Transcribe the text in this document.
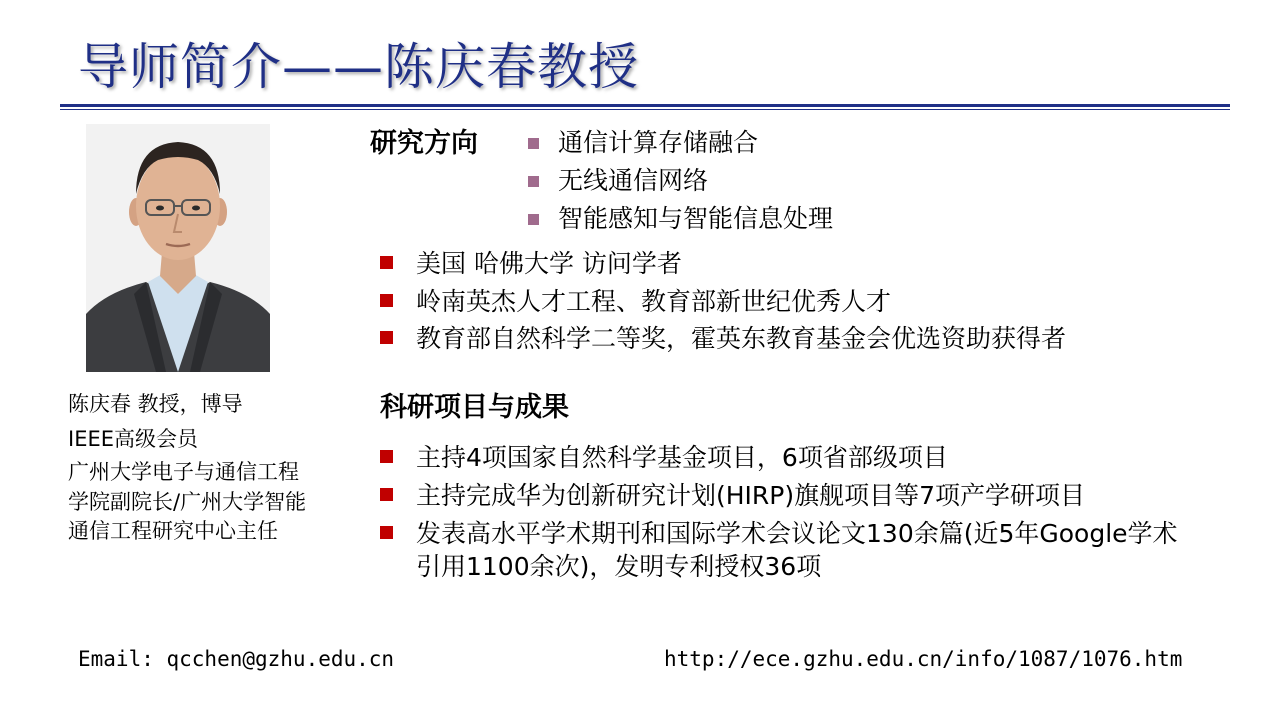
导师简介——陈庆春教授
陈庆春 教授，博导
IEEE高级会员
广州大学电子与通信工程
学院副院长/广州大学智能
通信工程研究中心主任
研究方向	通信计算存储融合
无线通信网络
智能感知与智能信息处理
美国 哈佛大学 访问学者
岭南英杰人才工程、教育部新世纪优秀人才
教育部自然科学二等奖，霍英东教育基金会优选资助获得者
科研项目与成果
主持4项国家自然科学基金项目，6项省部级项目
主持完成华为创新研究计划(HIRP)旗舰项目等7项产学研项目
发表高水平学术期刊和国际学术会议论文130余篇(近5年Google学术引用1100余次)，发明专利授权36项
Email: qcchen@gzhu.edu.cn	http://ece.gzhu.edu.cn/info/1087/1076.htm
